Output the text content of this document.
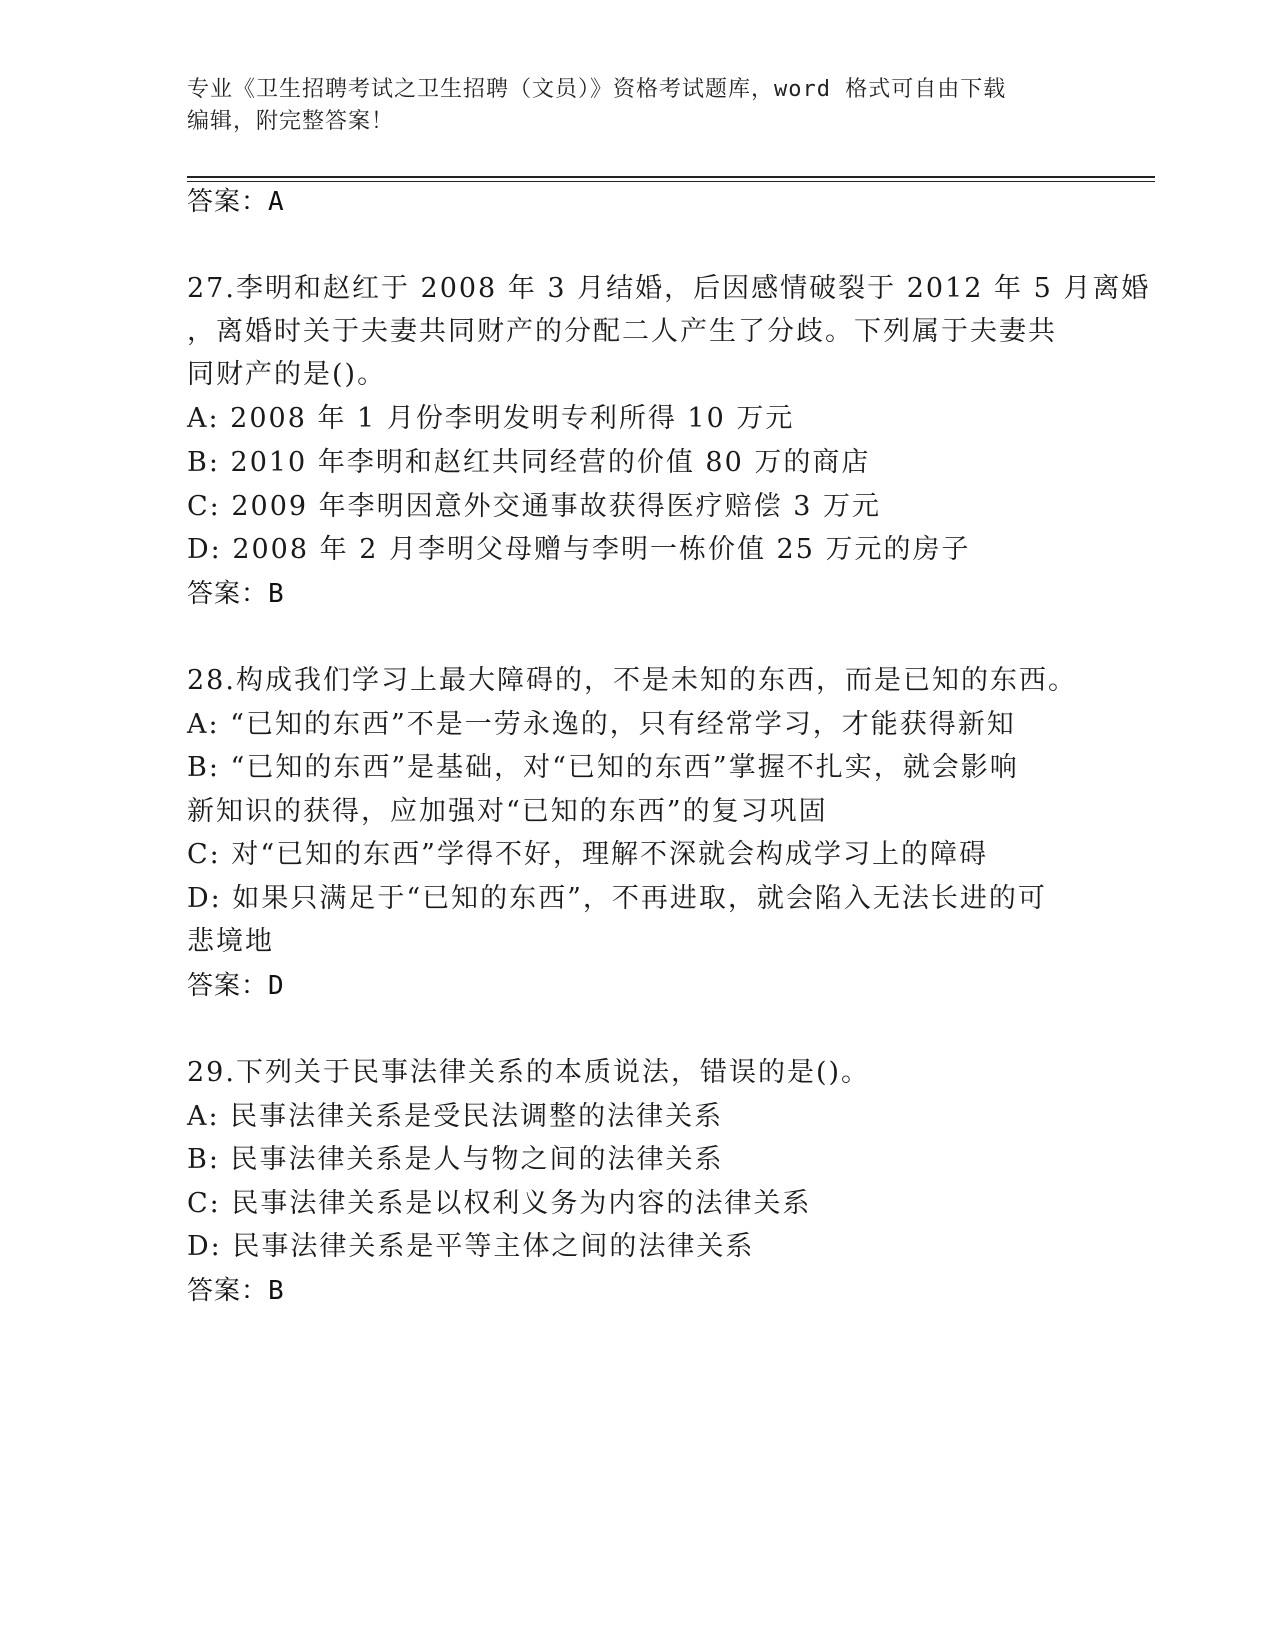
专业《卫生招聘考试之卫生招聘（文员）》资格考试题库，word 格式可自由下载
编辑，附完整答案！
答案：A
27.李明和赵红于 2008 年 3 月结婚，后因感情破裂于 2012 年 5 月离婚
，离婚时关于夫妻共同财产的分配二人产生了分歧。下列属于夫妻共
同财产的是()。
A: 2008 年 1 月份李明发明专利所得 10 万元
B: 2010 年李明和赵红共同经营的价值 80 万的商店
C: 2009 年李明因意外交通事故获得医疗赔偿 3 万元
D: 2008 年 2 月李明父母赠与李明一栋价值 25 万元的房子
答案：B
28.构成我们学习上最大障碍的，不是未知的东西，而是已知的东西。
A: “已知的东西”不是一劳永逸的，只有经常学习，才能获得新知
B: “已知的东西”是基础，对“已知的东西”掌握不扎实，就会影响
新知识的获得，应加强对“已知的东西”的复习巩固
C: 对“已知的东西”学得不好，理解不深就会构成学习上的障碍
D: 如果只满足于“已知的东西”，不再进取，就会陷入无法长进的可
悲境地
答案：D
29.下列关于民事法律关系的本质说法，错误的是()。
A: 民事法律关系是受民法调整的法律关系
B: 民事法律关系是人与物之间的法律关系
C: 民事法律关系是以权利义务为内容的法律关系
D: 民事法律关系是平等主体之间的法律关系
答案：B
